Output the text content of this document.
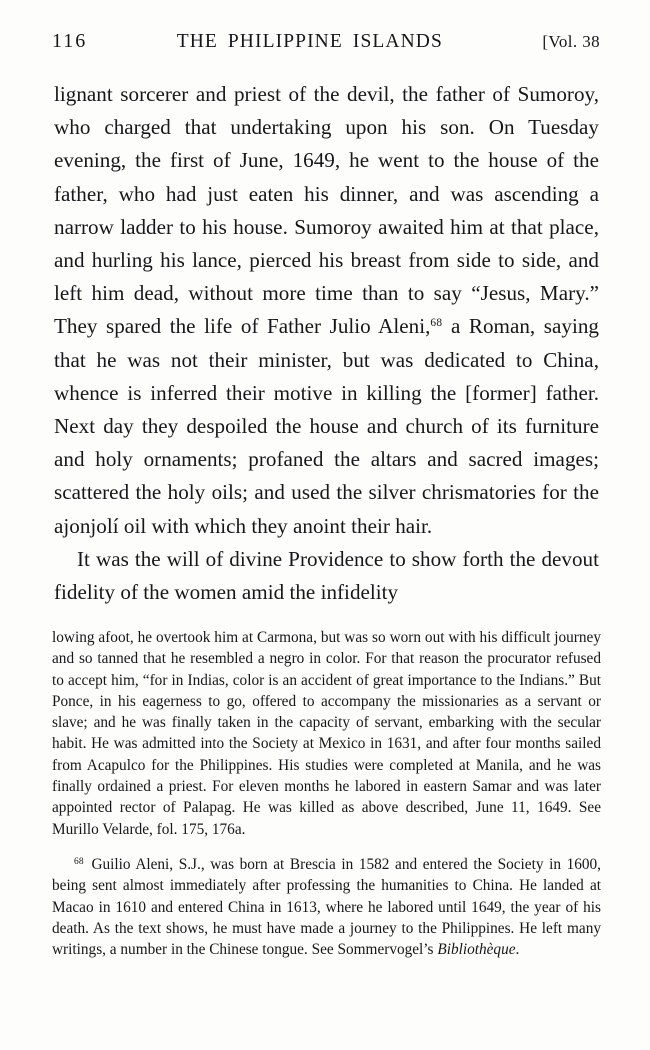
116	THE PHILIPPINE ISLANDS	[Vol. 38

lignant sorcerer and priest of the devil, the father of Sumoroy, who charged that undertaking upon his son. On Tuesday evening, the first of June, 1649, he went to the house of the father, who had just eaten his dinner, and was ascending a narrow ladder to his house. Sumoroy awaited him at that place, and hurling his lance, pierced his breast from side to side, and left him dead, without more time than to say “Jesus, Mary.” They spared the life of Father Julio Aleni,$^{68}$ a Roman, saying that he was not their minister, but was dedicated to China, whence is inferred their motive in killing the [former] father. Next day they despoiled the house and church of its furniture and holy ornaments; profaned the altars and sacred images; scattered the holy oils; and used the silver chrismatories for the ajonjolí oil with which they anoint their hair.

It was the will of divine Providence to show forth the devout fidelity of the women amid the infidelity

lowing afoot, he overtook him at Carmona, but was so worn out with his difficult journey and so tanned that he resembled a negro in color. For that reason the procurator refused to accept him, “for in Indias, color is an accident of great importance to the Indians.” But Ponce, in his eagerness to go, offered to accompany the missionaries as a servant or slave; and he was finally taken in the capacity of servant, embarking with the secular habit. He was admitted into the Society at Mexico in 1631, and after four months sailed from Acapulco for the Philippines. His studies were completed at Manila, and he was finally ordained a priest. For eleven months he labored in eastern Samar and was later appointed rector of Palapag. He was killed as above described, June 11, 1649. See Murillo Velarde, fol. 175, 176a.

$^{68}$ Guilio Aleni, S.J., was born at Brescia in 1582 and entered the Society in 1600, being sent almost immediately after professing the humanities to China. He landed at Macao in 1610 and entered China in 1613, where he labored until 1649, the year of his death. As the text shows, he must have made a journey to the Philippines. He left many writings, a number in the Chinese tongue. See Sommervogel’s Bibliothèque.
